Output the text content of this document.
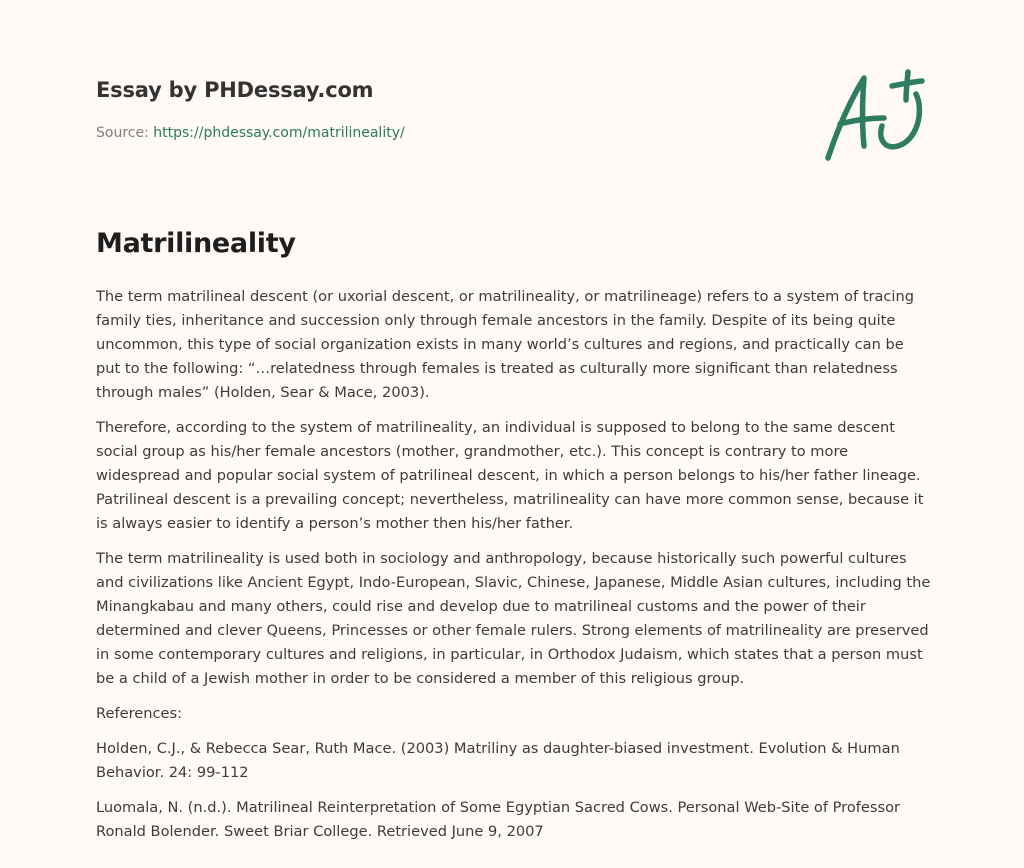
Essay by PHDessay.com
Source: https://phdessay.com/matrilineality/
Matrilineality

The term matrilineal descent (or uxorial descent, or matrilineality, or matrilineage) refers to a system of tracing family ties, inheritance and succession only through female ancestors in the family. Despite of its being quite uncommon, this type of social organization exists in many world’s cultures and regions, and practically can be put to the following: “…relatedness through females is treated as culturally more significant than relatedness through males” (Holden, Sear & Mace, 2003).

Therefore, according to the system of matrilineality, an individual is supposed to belong to the same descent social group as his/her female ancestors (mother, grandmother, etc.). This concept is contrary to more widespread and popular social system of patrilineal descent, in which a person belongs to his/her father lineage. Patrilineal descent is a prevailing concept; nevertheless, matrilineality can have more common sense, because it is always easier to identify a person’s mother then his/her father.

The term matrilineality is used both in sociology and anthropology, because historically such powerful cultures and civilizations like Ancient Egypt, Indo-European, Slavic, Chinese, Japanese, Middle Asian cultures, including the Minangkabau and many others, could rise and develop due to matrilineal customs and the power of their determined and clever Queens, Princesses or other female rulers. Strong elements of matrilineality are preserved in some contemporary cultures and religions, in particular, in Orthodox Judaism, which states that a person must be a child of a Jewish mother in order to be considered a member of this religious group.

References:

Holden, C.J., & Rebecca Sear, Ruth Mace. (2003) Matriliny as daughter-biased investment. Evolution & Human Behavior. 24: 99-112

Luomala, N. (n.d.). Matrilineal Reinterpretation of Some Egyptian Sacred Cows. Personal Web-Site of Professor Ronald Bolender. Sweet Briar College. Retrieved June 9, 2007
